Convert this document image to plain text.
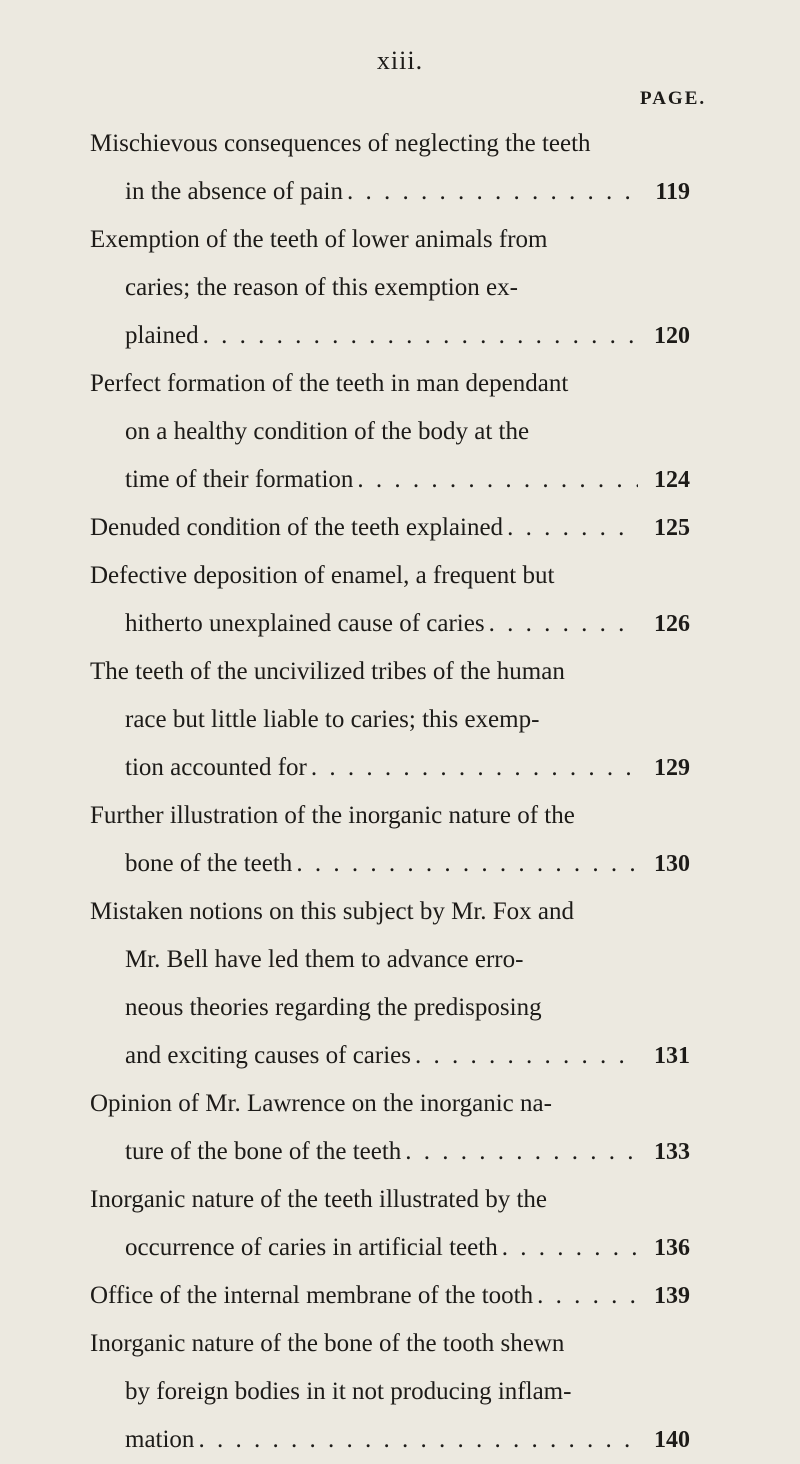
xiii.
PAGE.
Mischievous consequences of neglecting the teeth
in the absence of pain . . .	119
Exemption of the teeth of lower animals from
caries; the reason of this exemption ex-
plained . . .	120
Perfect formation of the teeth in man dependant
on a healthy condition of the body at the
time of their formation . . .	124
Denuded condition of the teeth explained . . .	125
Defective deposition of enamel, a frequent but
hitherto unexplained cause of caries . . .	126
The teeth of the uncivilized tribes of the human
race but little liable to caries; this exemp-
tion accounted for . . .	129
Further illustration of the inorganic nature of the
bone of the teeth . . .	130
Mistaken notions on this subject by Mr. Fox and
Mr. Bell have led them to advance erro-
neous theories regarding the predisposing
and exciting causes of caries . . .	131
Opinion of Mr. Lawrence on the inorganic na-
ture of the bone of the teeth . . .	133
Inorganic nature of the teeth illustrated by the
occurrence of caries in artificial teeth . . .	136
Office of the internal membrane of the tooth . . .	139
Inorganic nature of the bone of the tooth shewn
by foreign bodies in it not producing inflam-
mation . . .	140
